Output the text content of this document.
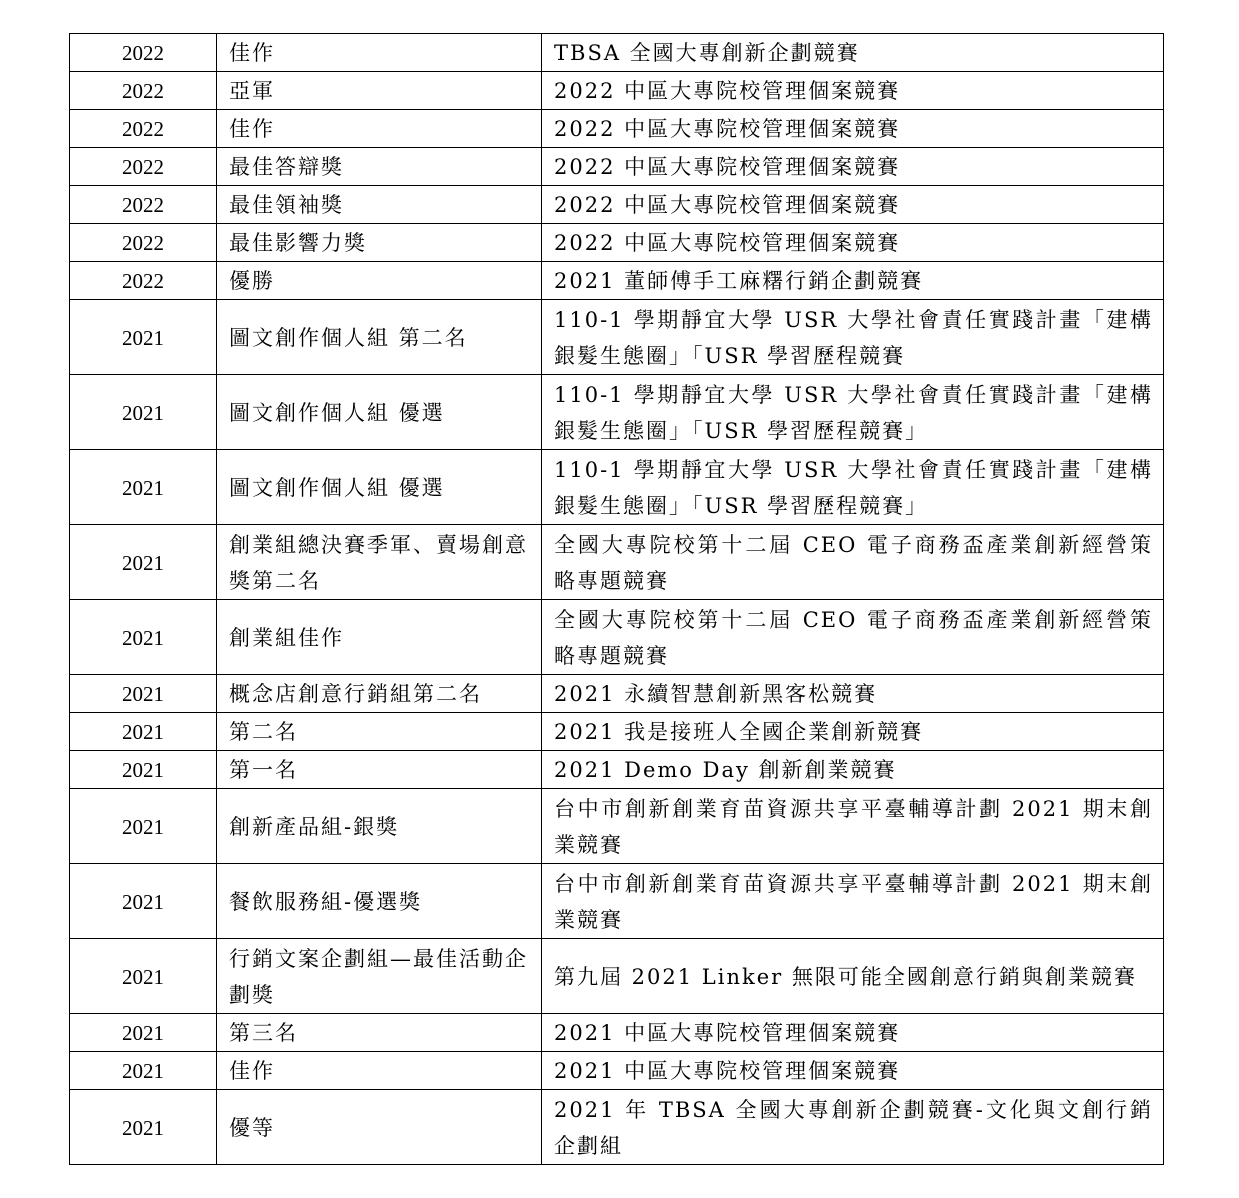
2022	佳作	TBSA 全國大專創新企劃競賽
2022	亞軍	2022 中區大專院校管理個案競賽
2022	佳作	2022 中區大專院校管理個案競賽
2022	最佳答辯獎	2022 中區大專院校管理個案競賽
2022	最佳領袖獎	2022 中區大專院校管理個案競賽
2022	最佳影響力獎	2022 中區大專院校管理個案競賽
2022	優勝	2021 董師傅手工麻糬行銷企劃競賽
2021	圖文創作個人組 第二名	110-1 學期靜宜大學 USR 大學社會責任實踐計畫「建構銀髮生態圈」「USR 學習歷程競賽
2021	圖文創作個人組 優選	110-1 學期靜宜大學 USR 大學社會責任實踐計畫「建構銀髮生態圈」「USR 學習歷程競賽」
2021	圖文創作個人組 優選	110-1 學期靜宜大學 USR 大學社會責任實踐計畫「建構銀髮生態圈」「USR 學習歷程競賽」
2021	創業組總決賽季軍、賣場創意獎第二名	全國大專院校第十二屆 CEO 電子商務盃產業創新經營策略專題競賽
2021	創業組佳作	全國大專院校第十二屆 CEO 電子商務盃產業創新經營策略專題競賽
2021	概念店創意行銷組第二名	2021 永續智慧創新黑客松競賽
2021	第二名	2021 我是接班人全國企業創新競賽
2021	第一名	2021 Demo Day 創新創業競賽
2021	創新產品組-銀獎	台中市創新創業育苗資源共享平臺輔導計劃 2021 期末創業競賽
2021	餐飲服務組-優選獎	台中市創新創業育苗資源共享平臺輔導計劃 2021 期末創業競賽
2021	行銷文案企劃組—最佳活動企劃獎	第九屆 2021 Linker 無限可能全國創意行銷與創業競賽
2021	第三名	2021 中區大專院校管理個案競賽
2021	佳作	2021 中區大專院校管理個案競賽
2021	優等	2021 年 TBSA 全國大專創新企劃競賽-文化與文創行銷企劃組
